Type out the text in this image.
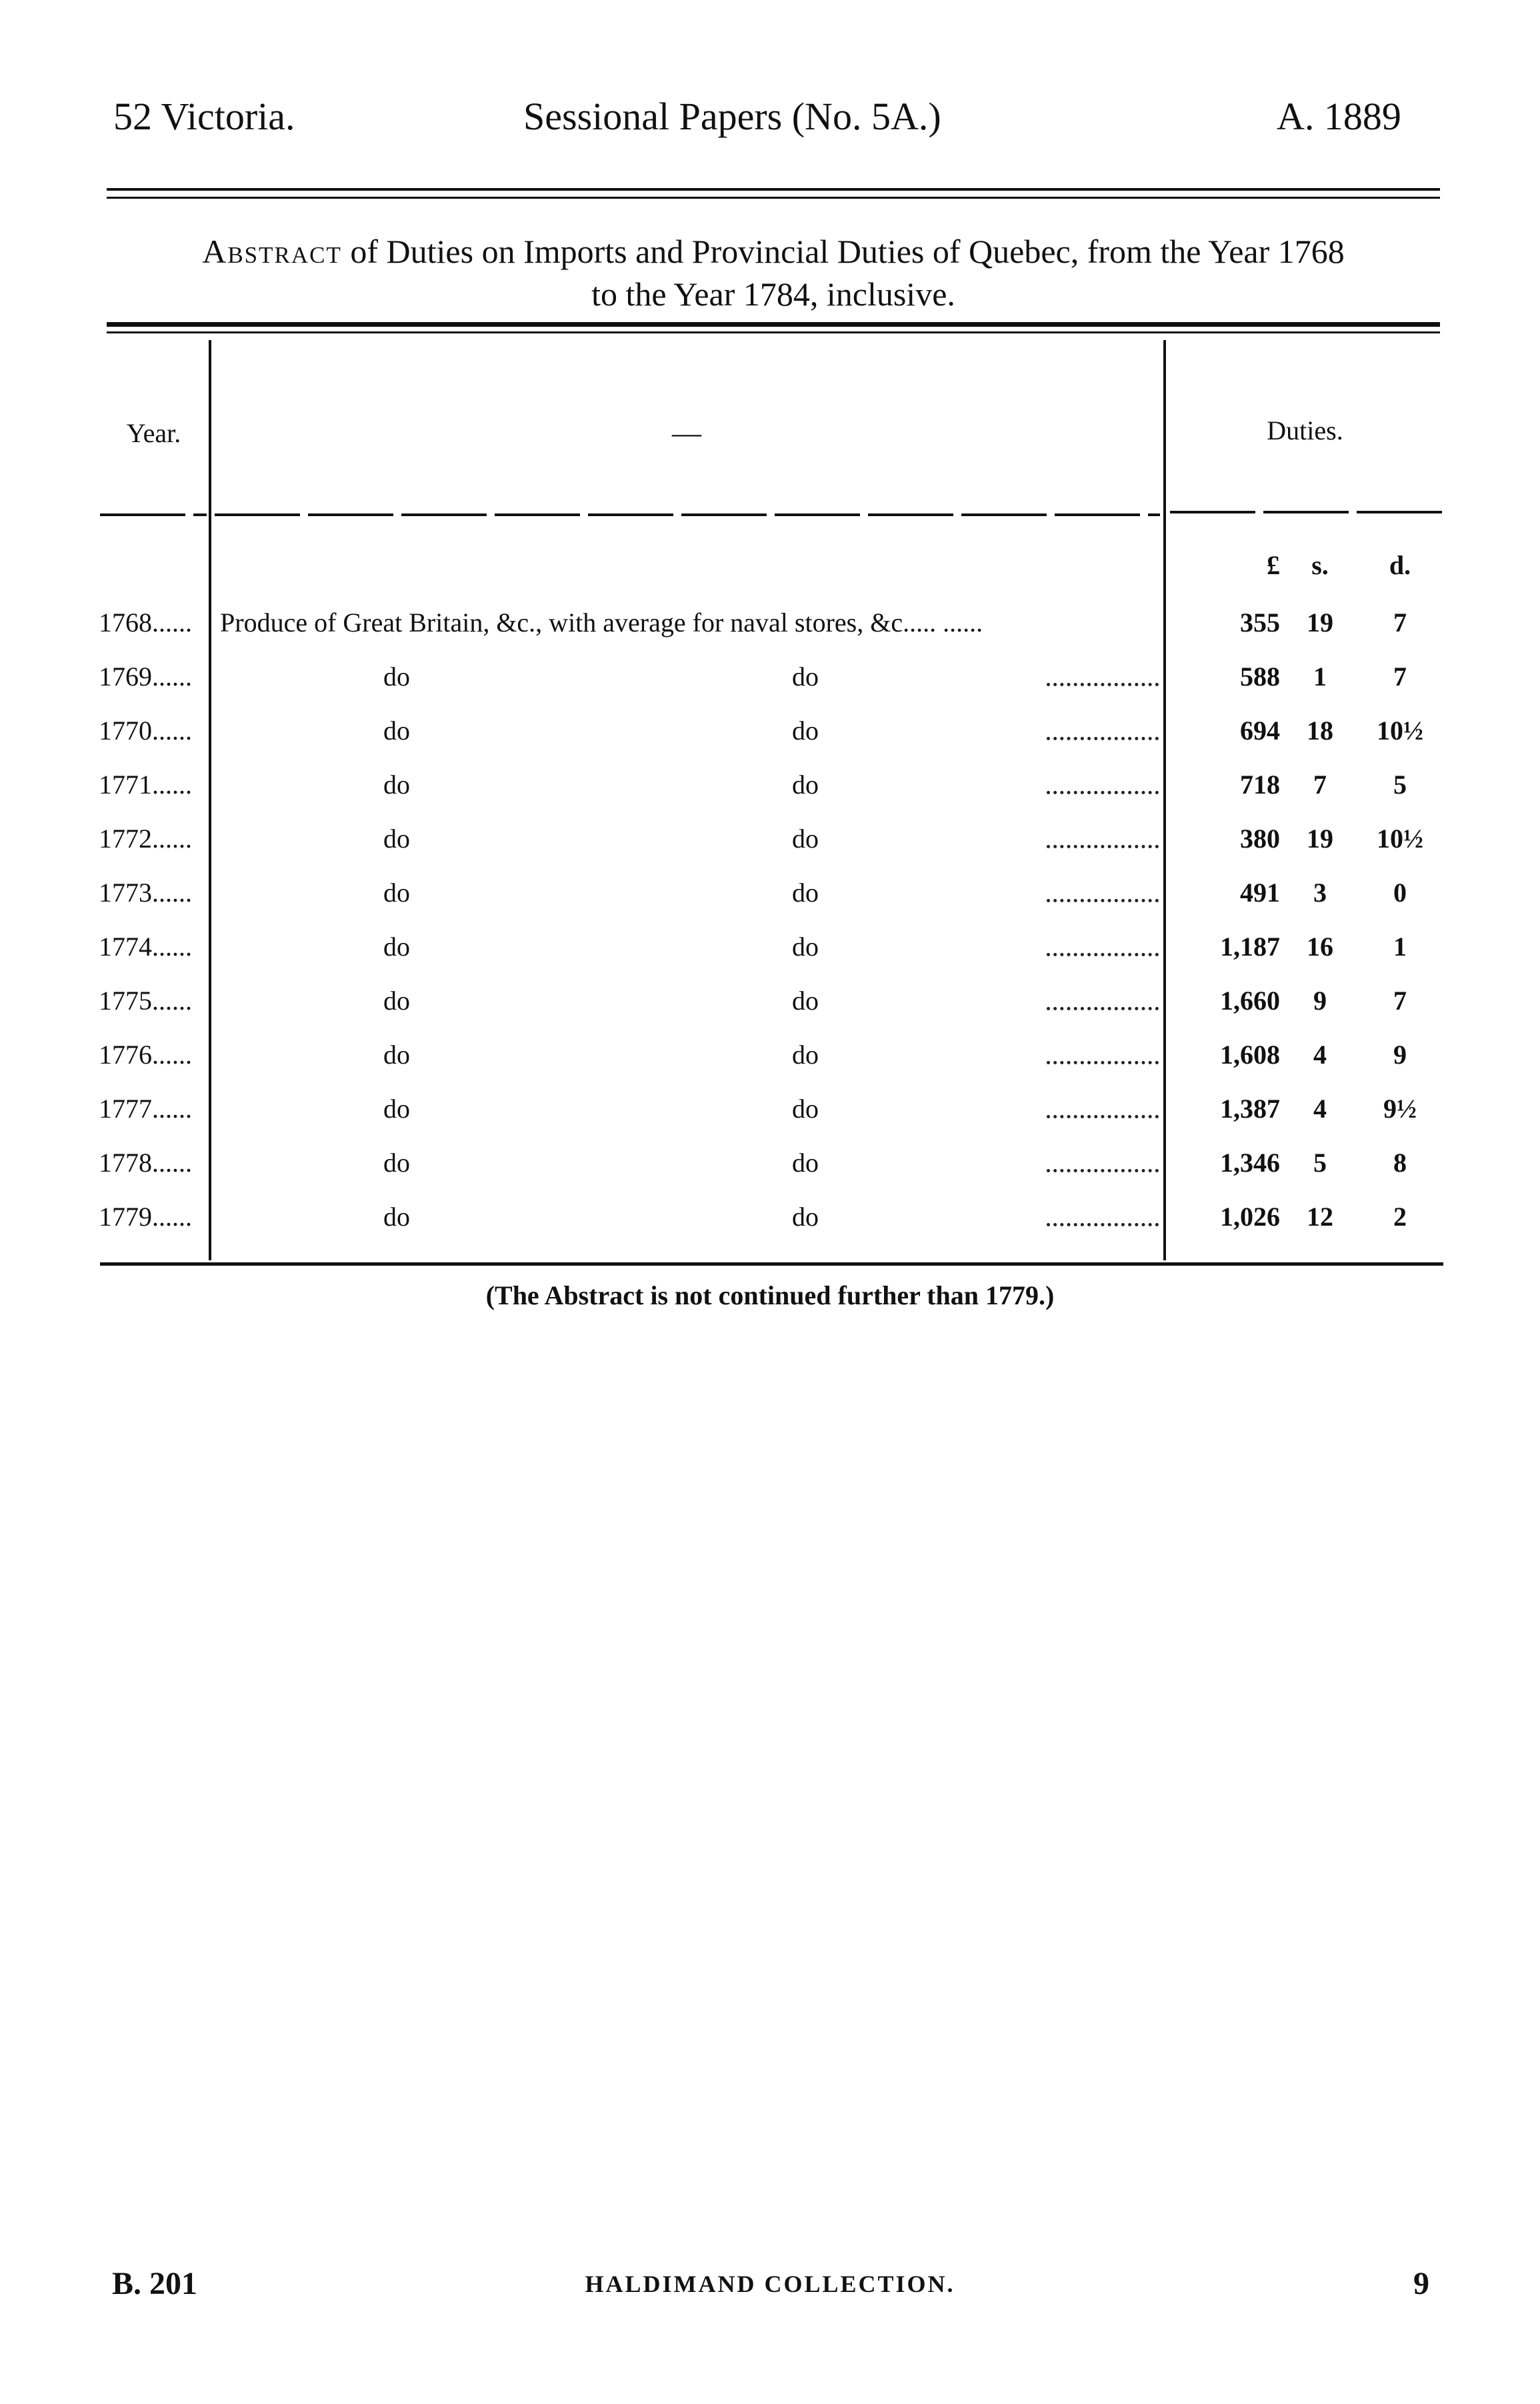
52 Victoria.	Sessional Papers (No. 5A.)	A. 1889
Abstract of Duties on Imports and Provincial Duties of Quebec, from the Year 1768
to the Year 1784, inclusive.
Year.	—	Duties.
£	s.	d.
1768......	Produce of Great Britain, &c., with average for naval stores, &c..... ......	355	19	7
1769......	do	do	588	1	7
1770......	do	do	694	18	10½
1771......	do	do	718	7	5
1772......	do	do	380	19	10½
1773......	do	do	491	3	0
1774......	do	do	1,187	16	1
1775......	do	do	1,660	9	7
1776......	do	do	1,608	4	9
1777......	do	do	1,387	4	9½
1778......	do	do	1,346	5	8
1779......	do	do	1,026	12	2
(The Abstract is not continued further than 1779.)
B. 201	HALDIMAND COLLECTION.	9
